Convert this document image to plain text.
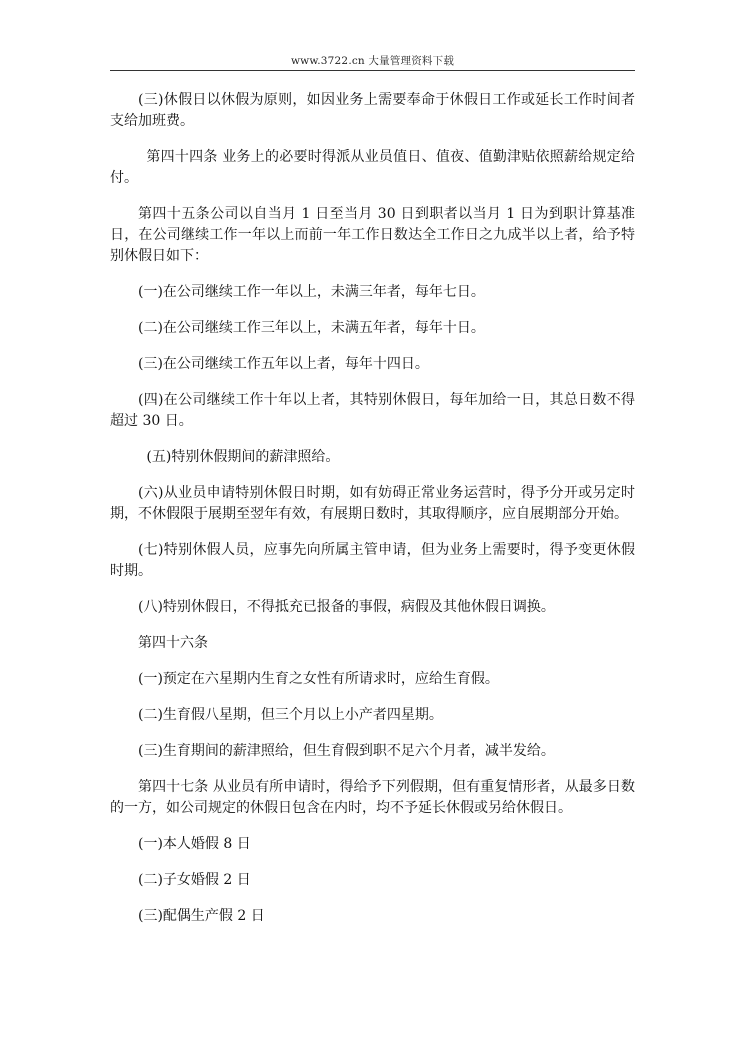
www.3722.cn 大量管理资料下载

(三)休假日以休假为原则，如因业务上需要奉命于休假日工作或延长工作时间者支给加班费。

第四十四条 业务上的必要时得派从业员值日、值夜、值勤津贴依照薪给规定给付。

第四十五条公司以自当月 1 日至当月 30 日到职者以当月 1 日为到职计算基准日，在公司继续工作一年以上而前一年工作日数达全工作日之九成半以上者，给予特别休假日如下：

(一)在公司继续工作一年以上，未满三年者，每年七日。

(二)在公司继续工作三年以上，未满五年者，每年十日。

(三)在公司继续工作五年以上者，每年十四日。

(四)在公司继续工作十年以上者，其特别休假日，每年加给一日，其总日数不得超过 30 日。

(五)特别休假期间的薪津照给。

(六)从业员申请特别休假日时期，如有妨碍正常业务运营时，得予分开或另定时期，不休假限于展期至翌年有效，有展期日数时，其取得顺序，应自展期部分开始。

(七)特别休假人员，应事先向所属主管申请，但为业务上需要时，得予变更休假时期。

(八)特别休假日，不得抵充已报备的事假，病假及其他休假日调换。

第四十六条

(一)预定在六星期内生育之女性有所请求时，应给生育假。

(二)生育假八星期，但三个月以上小产者四星期。

(三)生育期间的薪津照给，但生育假到职不足六个月者，减半发给。

第四十七条 从业员有所申请时，得给予下列假期，但有重复情形者，从最多日数的一方，如公司规定的休假日包含在内时，均不予延长休假或另给休假日。

(一)本人婚假 8 日

(二)子女婚假 2 日

(三)配偶生产假 2 日
